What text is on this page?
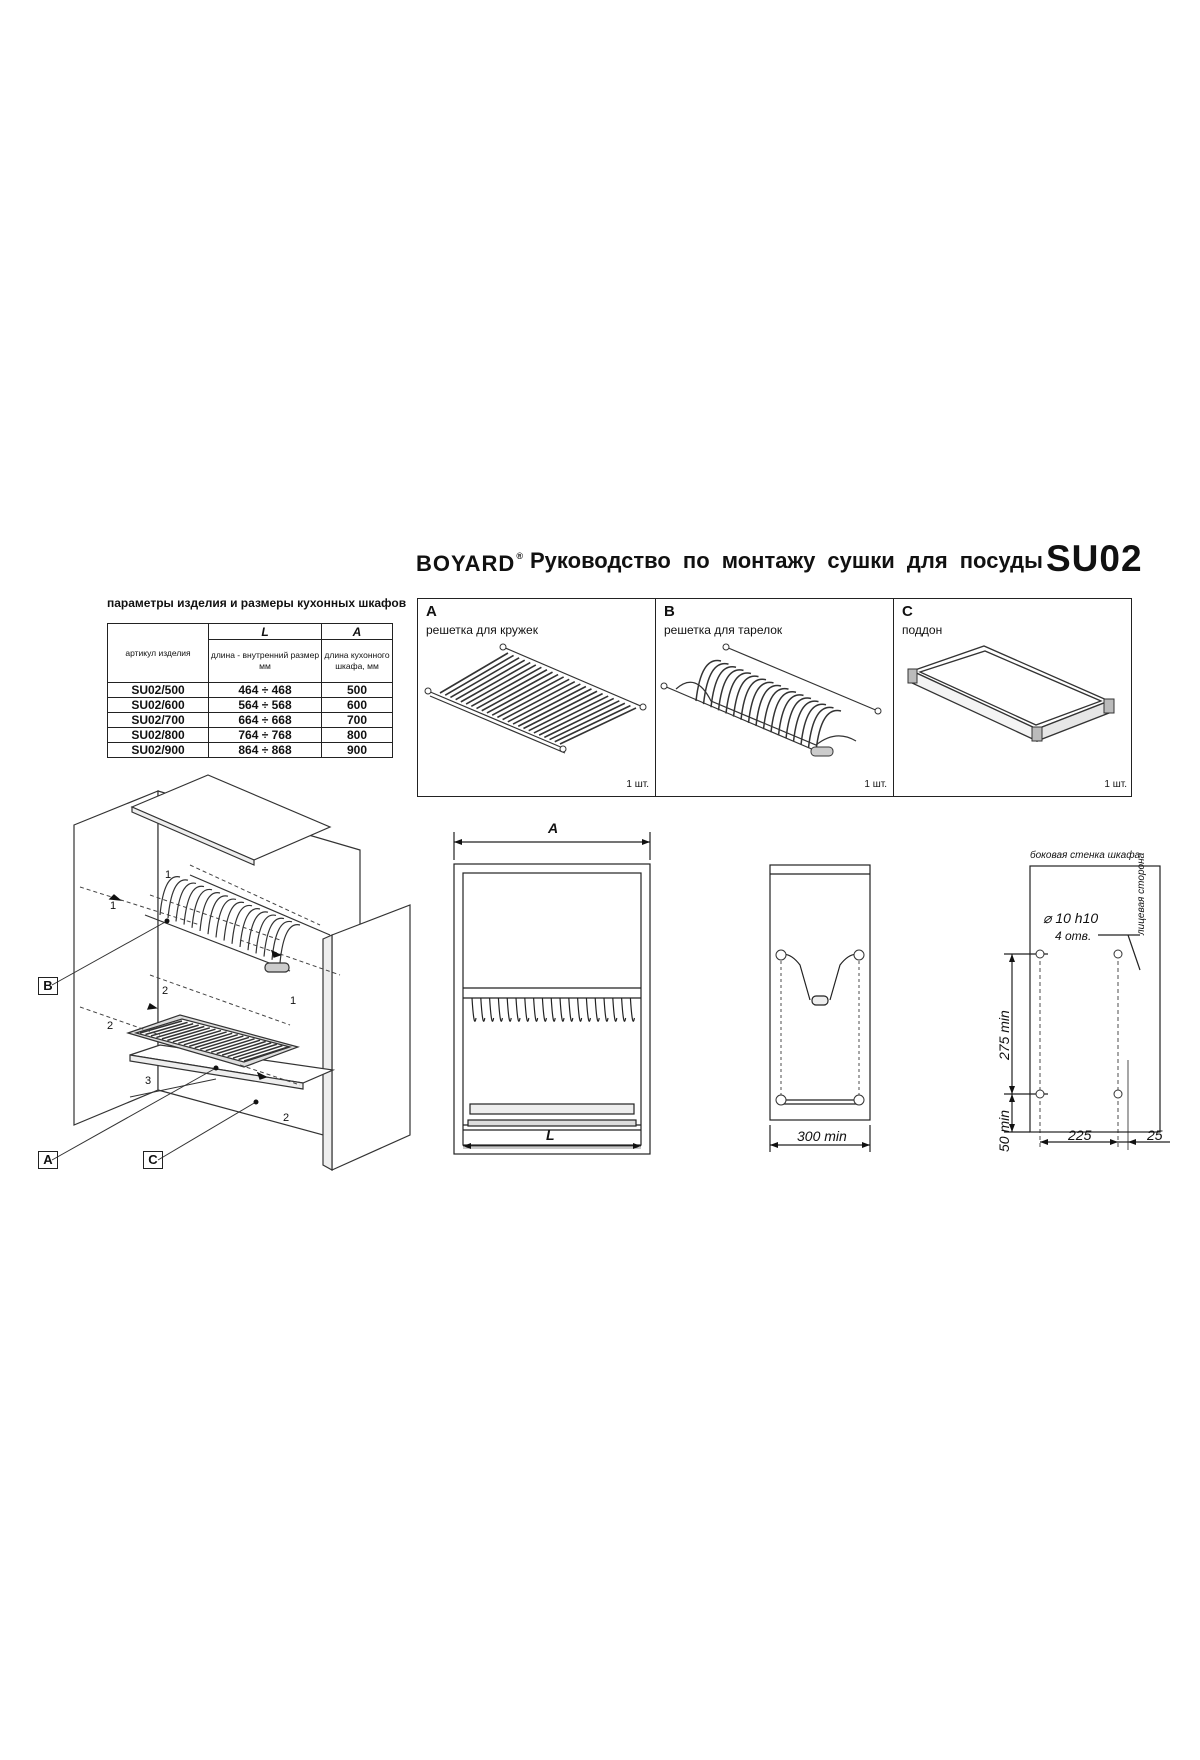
BOYARD® Руководство по монтажу сушки для посуды SU02
параметры изделия и размеры кухонных шкафов
артикул изделия	L	A
	длина - внутренний размер мм	длина кухонного шкафа, мм
SU02/500	464 ÷ 468	500
SU02/600	564 ÷ 568	600
SU02/700	664 ÷ 668	700
SU02/800	764 ÷ 768	800
SU02/900	864 ÷ 868	900
A
решетка для кружек
1 шт.
B
решетка для тарелок
1 шт.
C
поддон
1 шт.
1
1
1
2
2
2
3
B
A	C
A
L	300 min
боковая стенка шкафа
лицевая сторона
⌀ 10 h10
4 отв.
275 min
50 min	225	25
